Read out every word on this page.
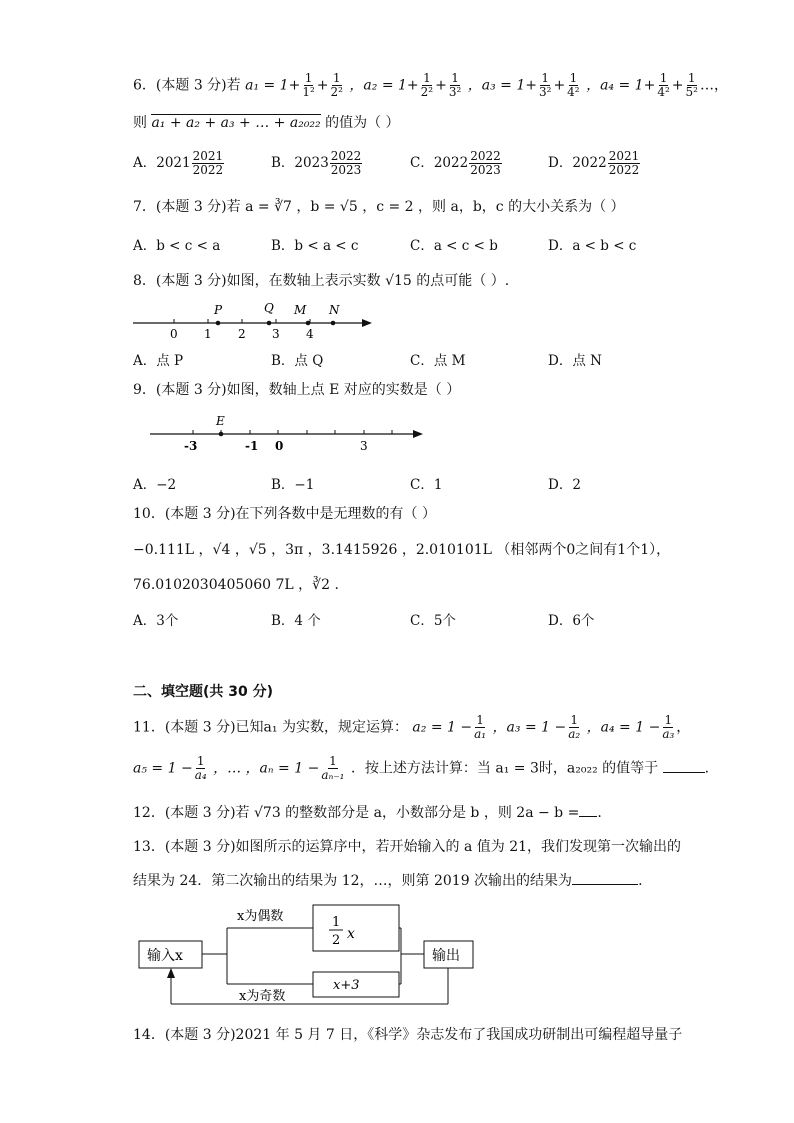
6．(本题 3 分)若 $a_1 = 1+ \frac{1}{\text{1²}} + \frac{1}{\text{2²}}$ ，$a_2 = 1+ \frac{1}{\text{2²}} + \frac{1}{\text{3²}}$ ，$a_3 = 1+ \frac{1}{\text{3²}} + \frac{1}{\text{4²}}$ ，$a_4 = 1+ \frac{1}{\text{4²}} + \frac{1}{\text{5²}}$ …，
则 a₁ + a₂ + a₃ + … + a₂₀₂₂ 的值为（ ）
A．$2021 \frac{2021}{2022}$	B．$2023 \frac{2022}{2023}$	C．$2022 \frac{2022}{2023}$	D．$2022 \frac{2021}{2022}$
7．(本题 3 分)若 a = ∛7 ，b = √5 ，c = 2 ，则 a，b，c 的大小关系为（ ）
A．b < c < a	B．b < a < c	C．a < c < b	D．a < b < c
8．(本题 3 分)如图，在数轴上表示实数 √15 的点可能（ ）.
0 1 2 3 4
P	Q M N
A．点 P	B．点 Q	C．点 M	D．点 N
9．(本题 3 分)如图，数轴上点 E 对应的实数是（ ）
-3	-1 0	3
E
A．−2	B．−1	C．1	D．2
10．(本题 3 分)在下列各数中是无理数的有（ ）
−0.111L ，√4 ，√5 ，3π ，3.1415926 ，2.010101L （相邻两个0之间有1个1），
76.0102030405060 7L ，∛2 .
A．3个	B．4 个	C．5个	D．6个
二、填空题(共 30 分)
11．(本题 3 分)已知a₁ 为实数，规定运算： $a_2 = 1 - \frac{1}{\text{a₁}}$ ，$a_3 = 1 - \frac{1}{\text{a₂}}$ ，$a_4 = 1 - \frac{1}{\text{a₃}}$ ，
$a_5 = 1 - \frac{1}{\text{a₄}}$ ，… ，$a_n = 1 - \frac{1}{\text{aₙ₋₁}}$ ．按上述方法计算：当 a₁ = 3时，a₂₀₂₂ 的值等于	.
12．(本题 3 分)若 √73 的整数部分是 a，小数部分是 b ，则 2a − b = .
13．(本题 3 分)如图所示的运算序中，若开始输入的 a 值为 21，我们发现第一次输出的
结果为 24．第二次输出的结果为 12，…，则第 2019 次输出的结果为	.
输入x	输出
1
2 x
x+3
x为偶数
x为奇数
14．(本题 3 分)2021 年 5 月 7 日，《科学》杂志发布了我国成功研制出可编程超导量子
